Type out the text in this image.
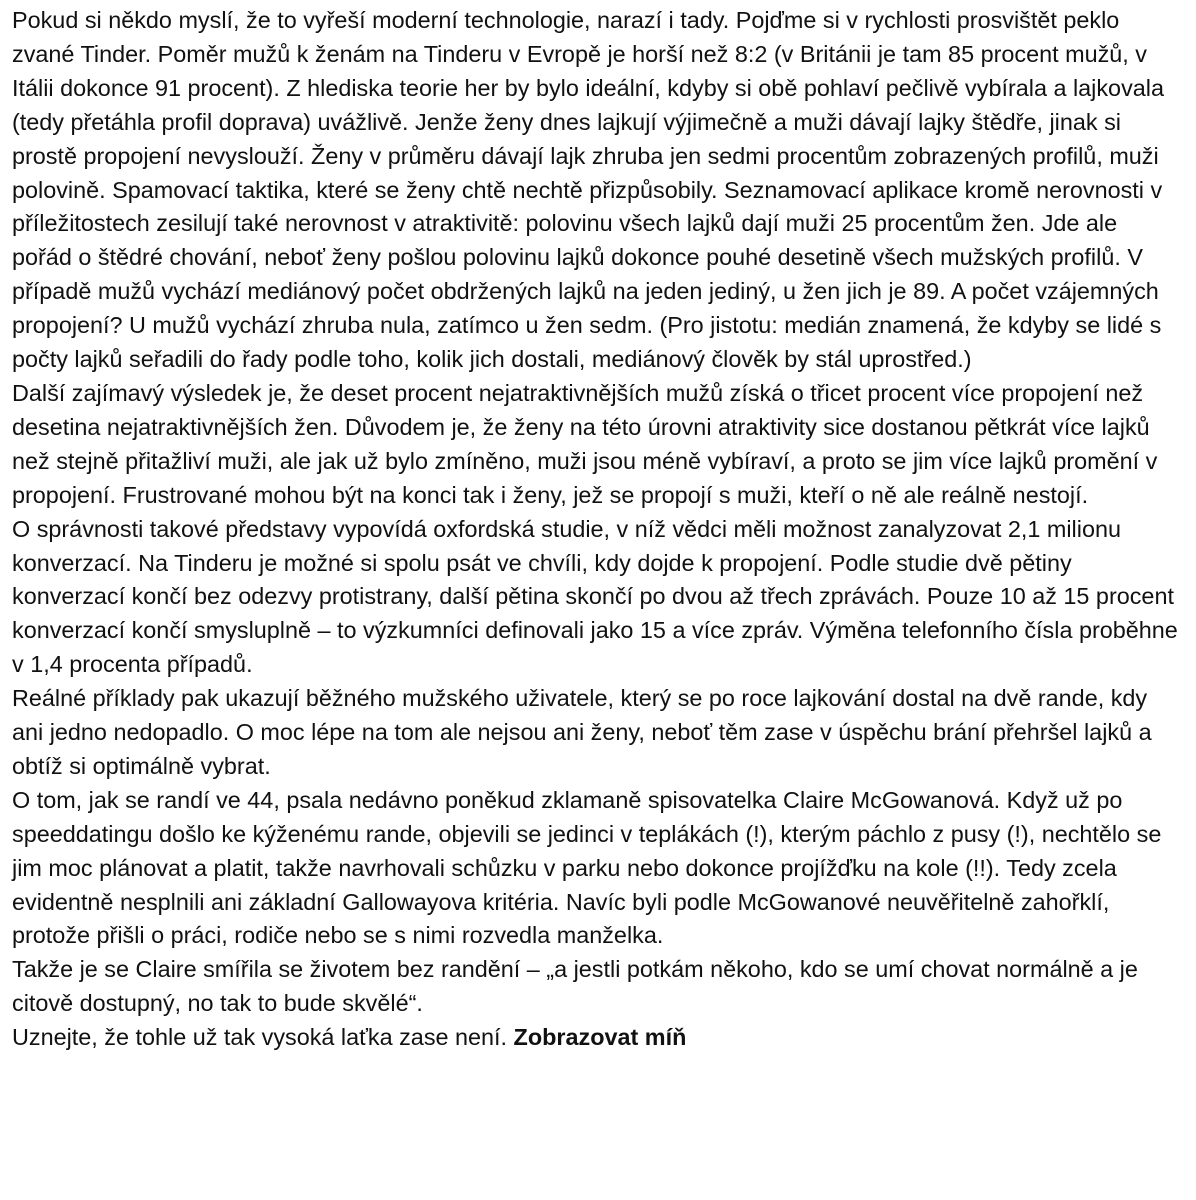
Pokud si někdo myslí, že to vyřeší moderní technologie, narazí i tady. Pojďme si v rychlosti prosvištět peklo zvané Tinder. Poměr mužů k ženám na Tinderu v Evropě je horší než 8:2 (v Británii je tam 85 procent mužů, v Itálii dokonce 91 procent). Z hlediska teorie her by bylo ideální, kdyby si obě pohlaví pečlivě vybírala a lajkovala (tedy přetáhla profil doprava) uvážlivě. Jenže ženy dnes lajkují výjimečně a muži dávají lajky štědře, jinak si prostě propojení nevyslouží. Ženy v průměru dávají lajk zhruba jen sedmi procentům zobrazených profilů, muži polovině. Spamovací taktika, které se ženy chtě nechtě přizpůsobily. Seznamovací aplikace kromě nerovnosti v příležitostech zesilují také nerovnost v atraktivitě: polovinu všech lajků dají muži 25 procentům žen. Jde ale pořád o štědré chování, neboť ženy pošlou polovinu lajků dokonce pouhé desetině všech mužských profilů. V případě mužů vychází mediánový počet obdržených lajků na jeden jediný, u žen jich je 89. A počet vzájemných propojení? U mužů vychází zhruba nula, zatímco u žen sedm. (Pro jistotu: medián znamená, že kdyby se lidé s počty lajků seřadili do řady podle toho, kolik jich dostali, mediánový člověk by stál uprostřed.)

Další zajímavý výsledek je, že deset procent nejatraktivnějších mužů získá o třicet procent více propojení než desetina nejatraktivnějších žen. Důvodem je, že ženy na této úrovni atraktivity sice dostanou pětkrát více lajků než stejně přitažliví muži, ale jak už bylo zmíněno, muži jsou méně vybíraví, a proto se jim více lajků promění v propojení. Frustrované mohou být na konci tak i ženy, jež se propojí s muži, kteří o ně ale reálně nestojí.

O správnosti takové představy vypovídá oxfordská studie, v níž vědci měli možnost zanalyzovat 2,1 milionu konverzací. Na Tinderu je možné si spolu psát ve chvíli, kdy dojde k propojení. Podle studie dvě pětiny konverzací končí bez odezvy protistrany, další pětina skončí po dvou až třech zprávách. Pouze 10 až 15 procent konverzací končí smysluplně – to výzkumníci definovali jako 15 a více zpráv. Výměna telefonního čísla proběhne v 1,4 procenta případů.

Reálné příklady pak ukazují běžného mužského uživatele, který se po roce lajkování dostal na dvě rande, kdy ani jedno nedopadlo. O moc lépe na tom ale nejsou ani ženy, neboť těm zase v úspěchu brání přehršel lajků a obtíž si optimálně vybrat.

O tom, jak se randí ve 44, psala nedávno poněkud zklamaně spisovatelka Claire McGowanová. Když už po speeddatingu došlo ke kýženému rande, objevili se jedinci v teplákách (!), kterým páchlo z pusy (!), nechtělo se jim moc plánovat a platit, takže navrhovali schůzku v parku nebo dokonce projížďku na kole (!!). Tedy zcela evidentně nesplnili ani základní Gallowayova kritéria. Navíc byli podle McGowanové neuvěřitelně zahořklí, protože přišli o práci, rodiče nebo se s nimi rozvedla manželka.

Takže je se Claire smířila se životem bez randění – „a jestli potkám někoho, kdo se umí chovat normálně a je citově dostupný, no tak to bude skvělé“.

Uznejte, že tohle už tak vysoká laťka zase není. Zobrazovat míň
